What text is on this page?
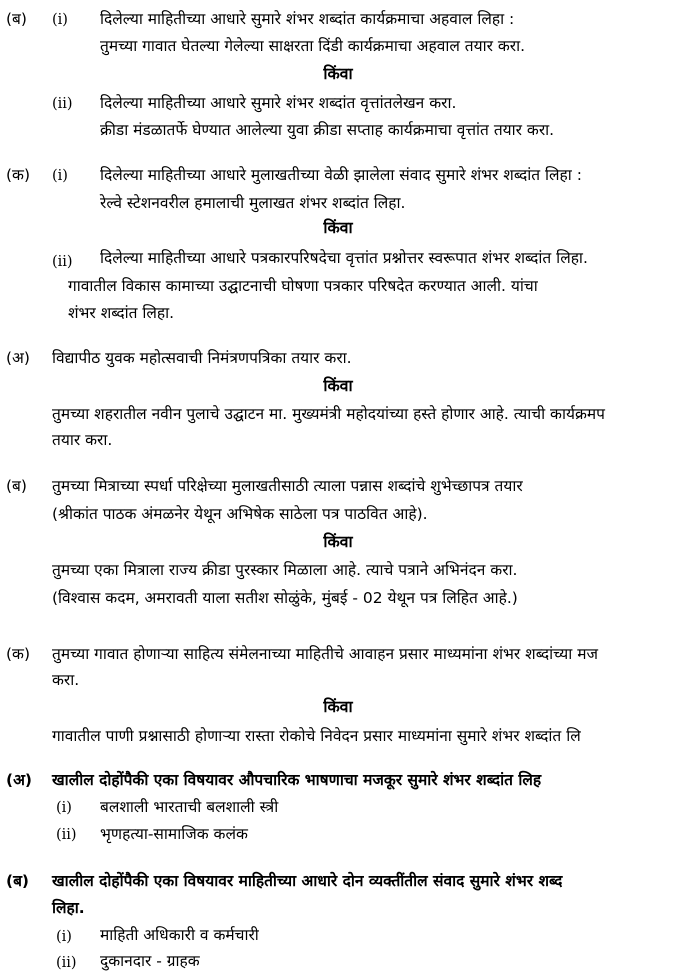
(ब) (i) दिलेल्या माहितीच्या आधारे सुमारे शंभर शब्दांत कार्यक्रमाचा अहवाल लिहा :
तुमच्या गावात घेतल्या गेलेल्या साक्षरता दिंडी कार्यक्रमाचा अहवाल तयार करा.
किंवा
(ii) दिलेल्या माहितीच्या आधारे सुमारे शंभर शब्दांत वृत्तांतलेखन करा.
क्रीडा मंडळातर्फे घेण्यात आलेल्या युवा क्रीडा सप्ताह कार्यक्रमाचा वृत्तांत तयार करा.
(क) (i) दिलेल्या माहितीच्या आधारे मुलाखतीच्या वेळी झालेला संवाद सुमारे शंभर शब्दांत लिहा :
रेल्वे स्टेशनवरील हमालाची मुलाखत शंभर शब्दांत लिहा.
किंवा
(ii) दिलेल्या माहितीच्या आधारे पत्रकारपरिषदेचा वृत्तांत प्रश्नोत्तर स्वरूपात शंभर शब्दांत लिहा.
गावातील विकास कामाच्या उद्घाटनाची घोषणा पत्रकार परिषदेत करण्यात आली. यांचा
शंभर शब्दांत लिहा.
(अ) विद्यापीठ युवक महोत्सवाची निमंत्रणपत्रिका तयार करा.
किंवा
तुमच्या शहरातील नवीन पुलाचे उद्घाटन मा. मुख्यमंत्री महोदयांच्या हस्ते होणार आहे. त्याची कार्यक्रमप
तयार करा.
(ब) तुमच्या मित्राच्या स्पर्धा परिक्षेच्या मुलाखतीसाठी त्याला पन्नास शब्दांचे शुभेच्छापत्र तयार
(श्रीकांत पाठक अंमळनेर येथून अभिषेक साठेला पत्र पाठवित आहे).
किंवा
तुमच्या एका मित्राला राज्य क्रीडा पुरस्कार मिळाला आहे. त्याचे पत्राने अभिनंदन करा.
(विश्वास कदम, अमरावती याला सतीश सोळुंके, मुंबई - 02 येथून पत्र लिहित आहे.)
(क) तुमच्या गावात होणाऱ्या साहित्य संमेलनाच्या माहितीचे आवाहन प्रसार माध्यमांना शंभर शब्दांच्या मज
करा.
किंवा
गावातील पाणी प्रश्नासाठी होणाऱ्या रास्ता रोकोचे निवेदन प्रसार माध्यमांना सुमारे शंभर शब्दांत लि
(अ) खालील दोहोंपैकी एका विषयावर औपचारिक भाषणाचा मजकूर सुमारे शंभर शब्दांत लिह
(i) बलशाली भारताची बलशाली स्त्री
(ii) भृणहत्या-सामाजिक कलंक
(ब) खालील दोहोंपैकी एका विषयावर माहितीच्या आधारे दोन व्यक्तींतील संवाद सुमारे शंभर शब्द
लिहा.
(i) माहिती अधिकारी व कर्मचारी
(ii) दुकानदार - ग्राहक
